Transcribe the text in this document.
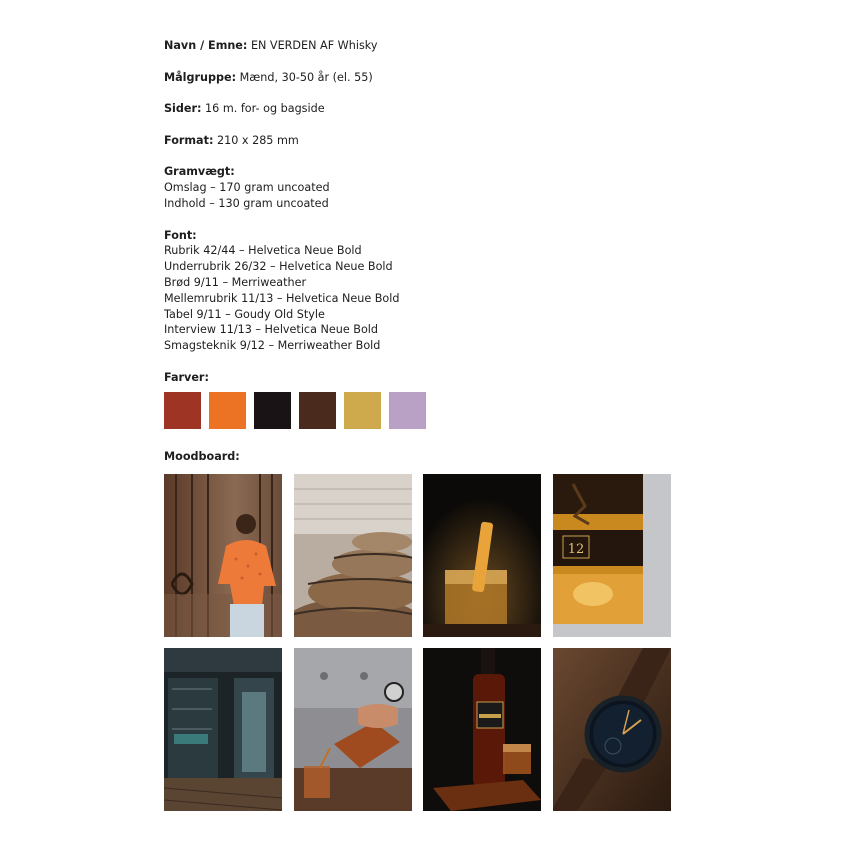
Navn / Emne: EN VERDEN AF Whisky
Målgruppe: Mænd, 30-50 år (el. 55)
Sider: 16 m. for- og bagside
Format: 210 x 285 mm
Gramvægt:
Omslag – 170 gram uncoated
Indhold – 130 gram uncoated
Font:
Rubrik 42/44 – Helvetica Neue Bold
Underrubrik 26/32 – Helvetica Neue Bold
Brød 9/11 – Merriweather
Mellemrubrik 11/13 – Helvetica Neue Bold
Tabel 9/11 – Goudy Old Style
Interview 11/13 – Helvetica Neue Bold
Smagsteknik 9/12 – Merriweather Bold
Farver:
Moodboard:
12
